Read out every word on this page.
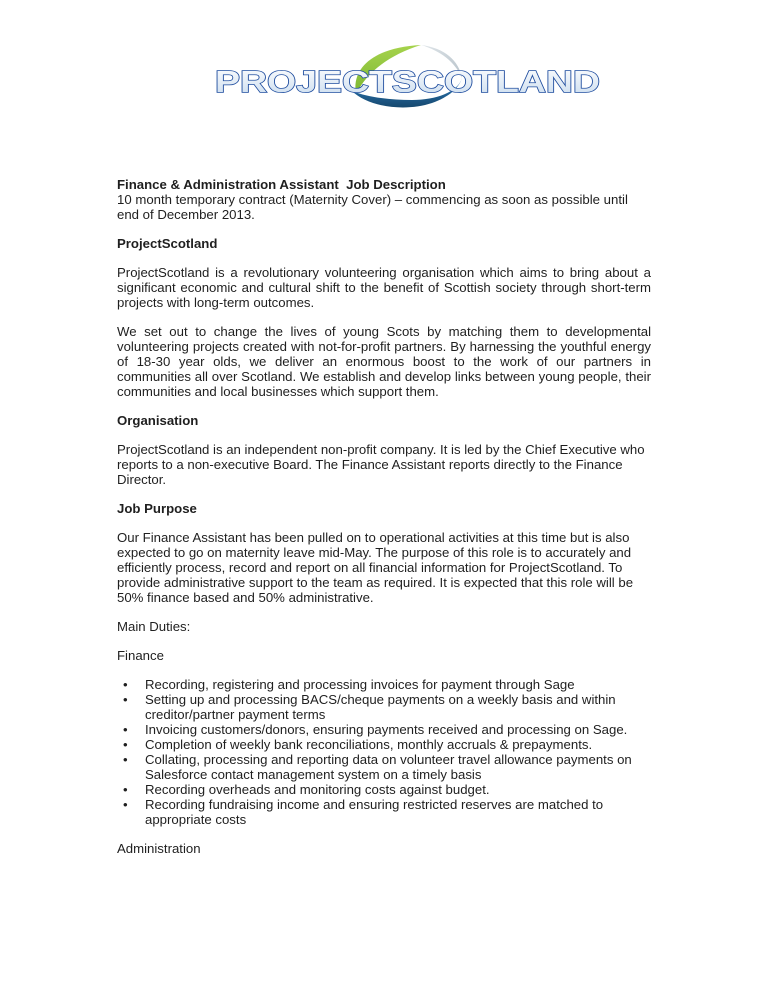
PROJECTSCOTLAND

Finance & Administration Assistant  Job Description

10 month temporary contract (Maternity Cover) – commencing as soon as possible until end of December 2013.

ProjectScotland

ProjectScotland is a revolutionary volunteering organisation which aims to bring about a significant economic and cultural shift to the benefit of Scottish society through short-term projects with long-term outcomes.

We set out to change the lives of young Scots by matching them to developmental volunteering projects created with not-for-profit partners. By harnessing the youthful energy of 18-30 year olds, we deliver an enormous boost to the work of our partners in communities all over Scotland. We establish and develop links between young people, their communities and local businesses which support them.

Organisation

ProjectScotland is an independent non-profit company. It is led by the Chief Executive who reports to a non-executive Board. The Finance Assistant reports directly to the Finance Director.

Job Purpose

Our Finance Assistant has been pulled on to operational activities at this time but is also expected to go on maternity leave mid-May. The purpose of this role is to accurately and efficiently process, record and report on all financial information for ProjectScotland. To provide administrative support to the team as required. It is expected that this role will be 50% finance based and 50% administrative.

Main Duties:

Finance

• Recording, registering and processing invoices for payment through Sage
• Setting up and processing BACS/cheque payments on a weekly basis and within creditor/partner payment terms
• Invoicing customers/donors, ensuring payments received and processing on Sage.
• Completion of weekly bank reconciliations, monthly accruals & prepayments.
• Collating, processing and reporting data on volunteer travel allowance payments on Salesforce contact management system on a timely basis
• Recording overheads and monitoring costs against budget.
• Recording fundraising income and ensuring restricted reserves are matched to appropriate costs

Administration
